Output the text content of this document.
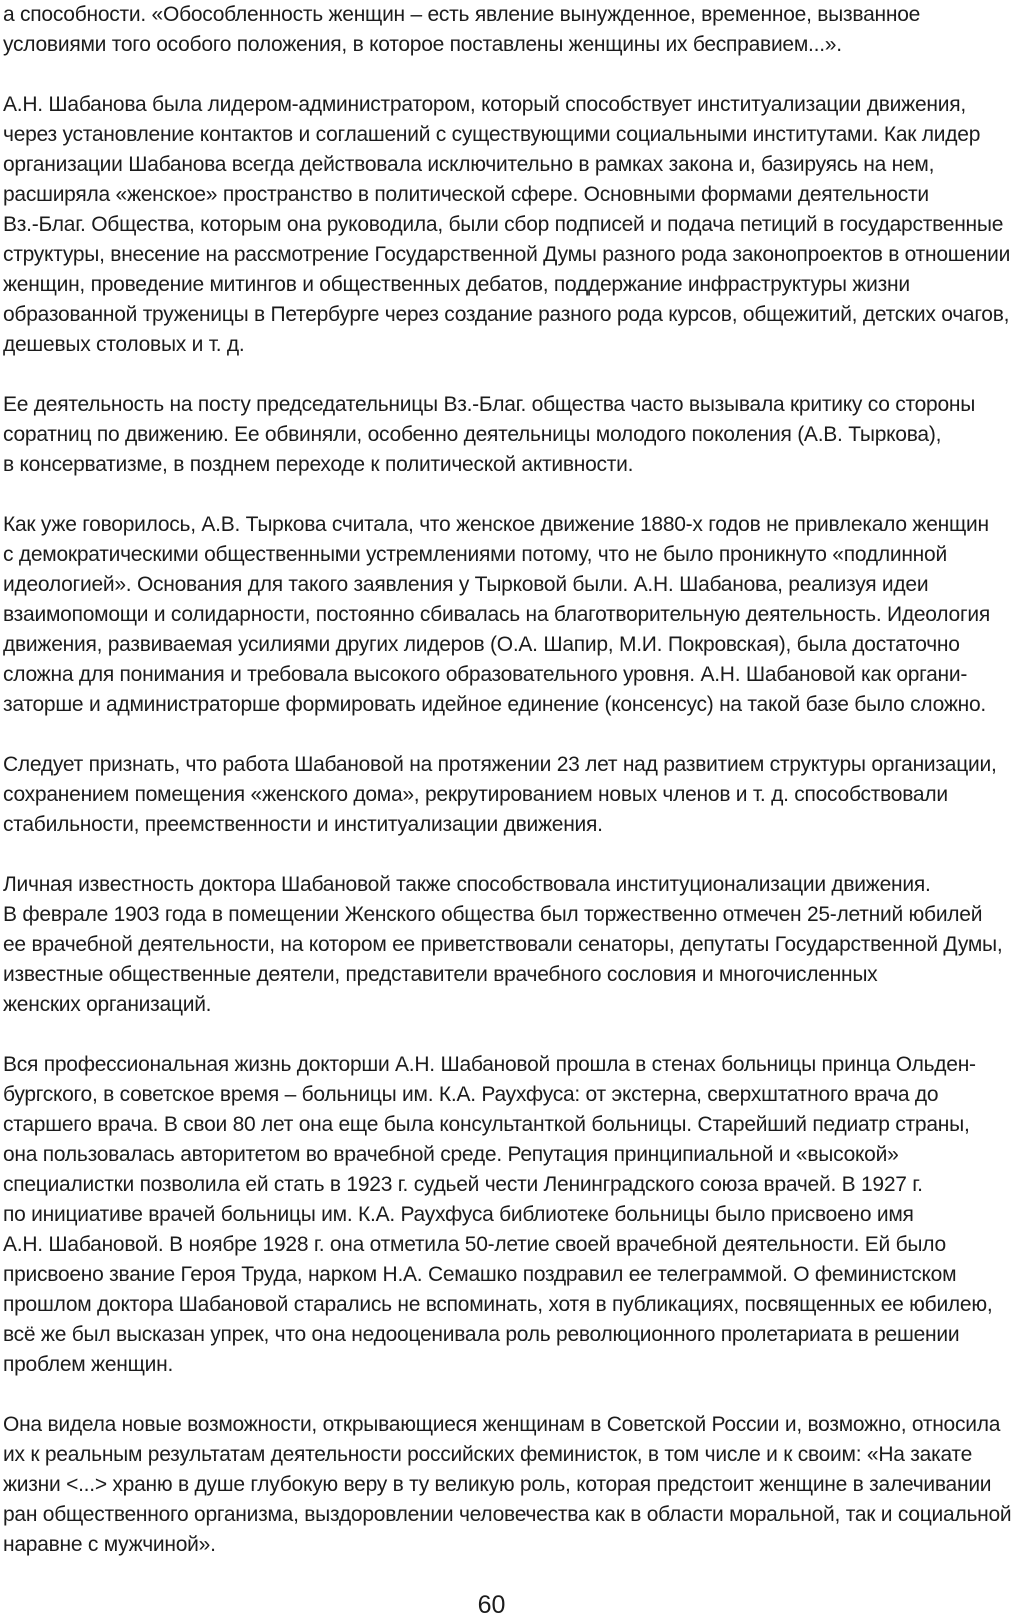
а способности. «Обособленность женщин – есть явление вынужденное, временное, вызванное
условиями того особого положения, в которое поставлены женщины их бесправием...».

А.Н. Шабанова была лидером-администратором, который способствует институализации движения,
через установление контактов и соглашений с существующими социальными институтами. Как лидер
организации Шабанова всегда действовала исключительно в рамках закона и, базируясь на нем,
расширяла «женское» пространство в политической сфере. Основными формами деятельности
Вз.-Благ. Общества, которым она руководила, были сбор подписей и подача петиций в государственные
структуры, внесение на рассмотрение Государственной Думы разного рода законопроектов в отношении
женщин, проведение митингов и общественных дебатов, поддержание инфраструктуры жизни
образованной труженицы в Петербурге через создание разного рода курсов, общежитий, детских очагов,
дешевых столовых и т. д.

Ее деятельность на посту председательницы Вз.-Благ. общества часто вызывала критику со стороны
соратниц по движению. Ее обвиняли, особенно деятельницы молодого поколения (А.В. Тыркова),
в консерватизме, в позднем переходе к политической активности.

Как уже говорилось, А.В. Тыркова считала, что женское движение 1880-х годов не привлекало женщин
с демократическими общественными устремлениями потому, что не было проникнуто «подлинной
идеологией». Основания для такого заявления у Тырковой были. А.Н. Шабанова, реализуя идеи
взаимопомощи и солидарности, постоянно сбивалась на благотворительную деятельность. Идеология
движения, развиваемая усилиями других лидеров (О.А. Шапир, М.И. Покровская), была достаточно
сложна для понимания и требовала высокого образовательного уровня. А.Н. Шабановой как органи-
заторше и администраторше формировать идейное единение (консенсус) на такой базе было сложно.

Следует признать, что работа Шабановой на протяжении 23 лет над развитием структуры организации,
сохранением помещения «женского дома», рекрутированием новых членов и т. д. способствовали
стабильности, преемственности и институализации движения.

Личная известность доктора Шабановой также способствовала институционализации движения.
В феврале 1903 года в помещении Женского общества был торжественно отмечен 25-летний юбилей
ее врачебной деятельности, на котором ее приветствовали сенаторы, депутаты Государственной Думы,
известные общественные деятели, представители врачебного сословия и многочисленных
женских организаций.

Вся профессиональная жизнь докторши А.Н. Шабановой прошла в стенах больницы принца Ольден-
бургского, в советское время – больницы им. К.А. Раухфуса: от экстерна, сверхштатного врача до
старшего врача. В свои 80 лет она еще была консультанткой больницы. Старейший педиатр страны,
она пользовалась авторитетом во врачебной среде. Репутация принципиальной и «высокой»
специалистки позволила ей стать в 1923 г. судьей чести Ленинградского союза врачей. В 1927 г.
по инициативе врачей больницы им. К.А. Раухфуса библиотеке больницы было присвоено имя
А.Н. Шабановой. В ноябре 1928 г. она отметила 50-летие своей врачебной деятельности. Ей было
присвоено звание Героя Труда, нарком Н.А. Семашко поздравил ее телеграммой. О феминистском
прошлом доктора Шабановой старались не вспоминать, хотя в публикациях, посвященных ее юбилею,
всё же был высказан упрек, что она недооценивала роль революционного пролетариата в решении
проблем женщин.

Она видела новые возможности, открывающиеся женщинам в Советской России и, возможно, относила
их к реальным результатам деятельности российских феминисток, в том числе и к своим: «На закате
жизни <...> храню в душе глубокую веру в ту великую роль, которая предстоит женщине в залечивании
ран общественного организма, выздоровлении человечества как в области моральной, так и социальной
наравне с мужчиной».

60
